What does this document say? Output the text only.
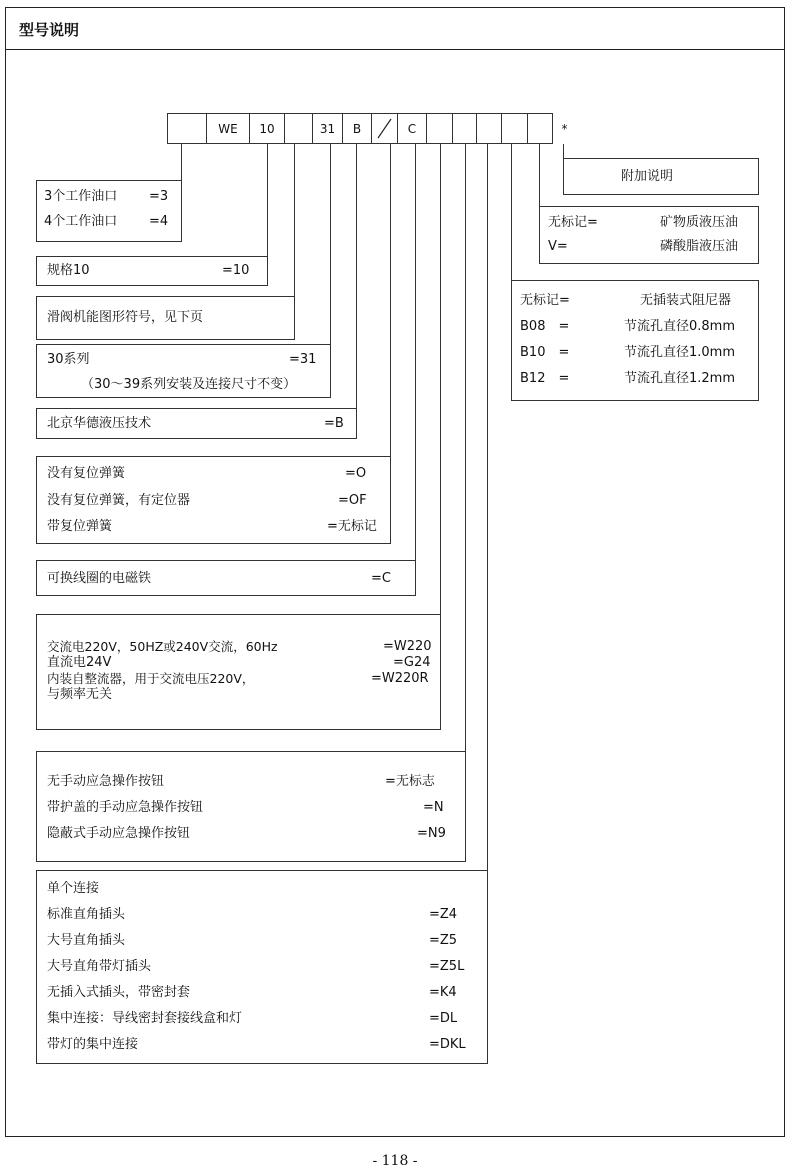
型号说明
WE	10	31	B	C	*
3个工作油口 =3
4个工作油口 =4
规格10	=10
滑阀机能图形符号，见下页
30系列	=31
（30～39系列安装及连接尺寸不变）
北京华德液压技术	=B
没有复位弹簧	=O
没有复位弹簧，有定位器	=OF
带复位弹簧	=无标记
可换线圈的电磁铁	=C
交流电220V，50HZ或240V交流，60Hz	=W220
直流电24V	=G24
内装自整流器，用于交流电压220V，	=W220R
与频率无关
无手动应急操作按钮	=无标志
带护盖的手动应急操作按钮	=N
隐蔽式手动应急操作按钮	=N9
单个连接
标准直角插头	=Z4
大号直角插头	=Z5
大号直角带灯插头	=Z5L
无插入式插头，带密封套	=K4
集中连接：导线密封套接线盒和灯	=DL
带灯的集中连接	=DKL
附加说明
无标记=	矿物质液压油
V=	磷酸脂液压油
无标记=	无插装式阻尼器
B08　=	节流孔直径0.8mm
B10　=	节流孔直径1.0mm
B12　=	节流孔直径1.2mm
- 118 -
